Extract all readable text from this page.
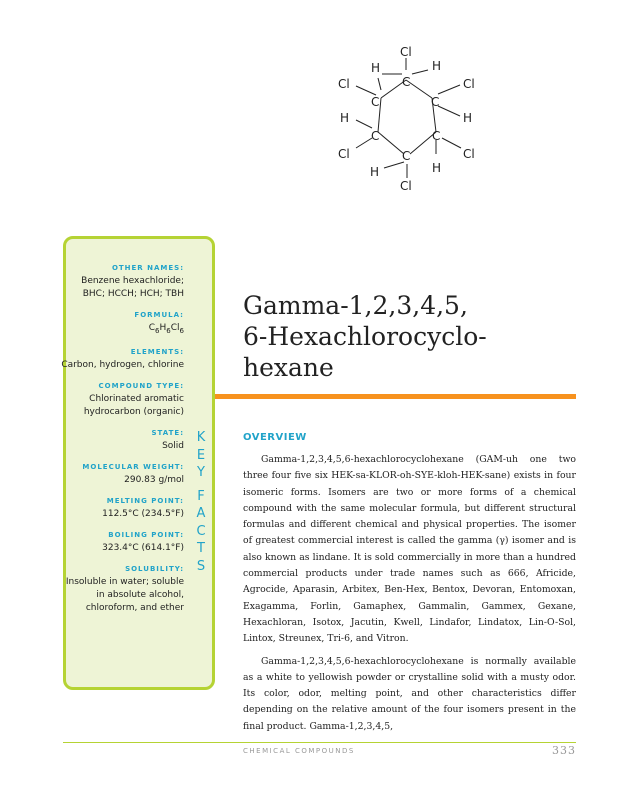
Cl
H	H
C
C
Cl
C
C
Cl
H	H
C
C
Cl	Cl
H	H
Cl
OTHER NAMES:
Benzene hexachloride; BHC; HCCH; HCH; TBH
FORMULA:
$C_6H_6Cl_6$
ELEMENTS:
Carbon, hydrogen, chlorine
COMPOUND TYPE:
Chlorinated aromatic hydrocarbon (organic)
STATE:
Solid
MOLECULAR WEIGHT:
290.83 g/mol
MELTING POINT:
112.5°C (234.5°F)
BOILING POINT:
323.4°C (614.1°F)
SOLUBILITY:
Insoluble in water; soluble in absolute alcohol, chloroform, and ether
K
E
Y
F
A
C
T
S
Gamma-1,2,3,4,5,
6-Hexachlorocyclo-
hexane
OVERVIEW

Gamma-1,2,3,4,5,6-hexachlorocyclohexane (GAM-uh one two three four five six HEK-sa-KLOR-oh-SYE-kloh-HEK-sane) exists in four isomeric forms. Isomers are two or more forms of a chemical compound with the same molecular formula, but different structural formulas and different chemical and physical properties. The isomer of greatest commercial interest is called the gamma (γ) isomer and is also known as lindane. It is sold commercially in more than a hundred commercial products under trade names such as 666, Africide, Agrocide, Aparasin, Arbitex, Ben-Hex, Bentox, Devoran, Entomoxan, Exagamma, Forlin, Gamaphex, Gammalin, Gammex, Gexane, Hexachloran, Isotox, Jacutin, Kwell, Lindafor, Lindatox, Lin-O-Sol, Lintox, Streunex, Tri-6, and Vitron.

Gamma-1,2,3,4,5,6-hexachlorocyclohexane is normally available as a white to yellowish powder or crystalline solid with a musty odor. Its color, odor, melting point, and other characteristics differ depending on the relative amount of the four isomers present in the final product. Gamma-1,2,3,4,5,

CHEMICAL COMPOUNDS	333
